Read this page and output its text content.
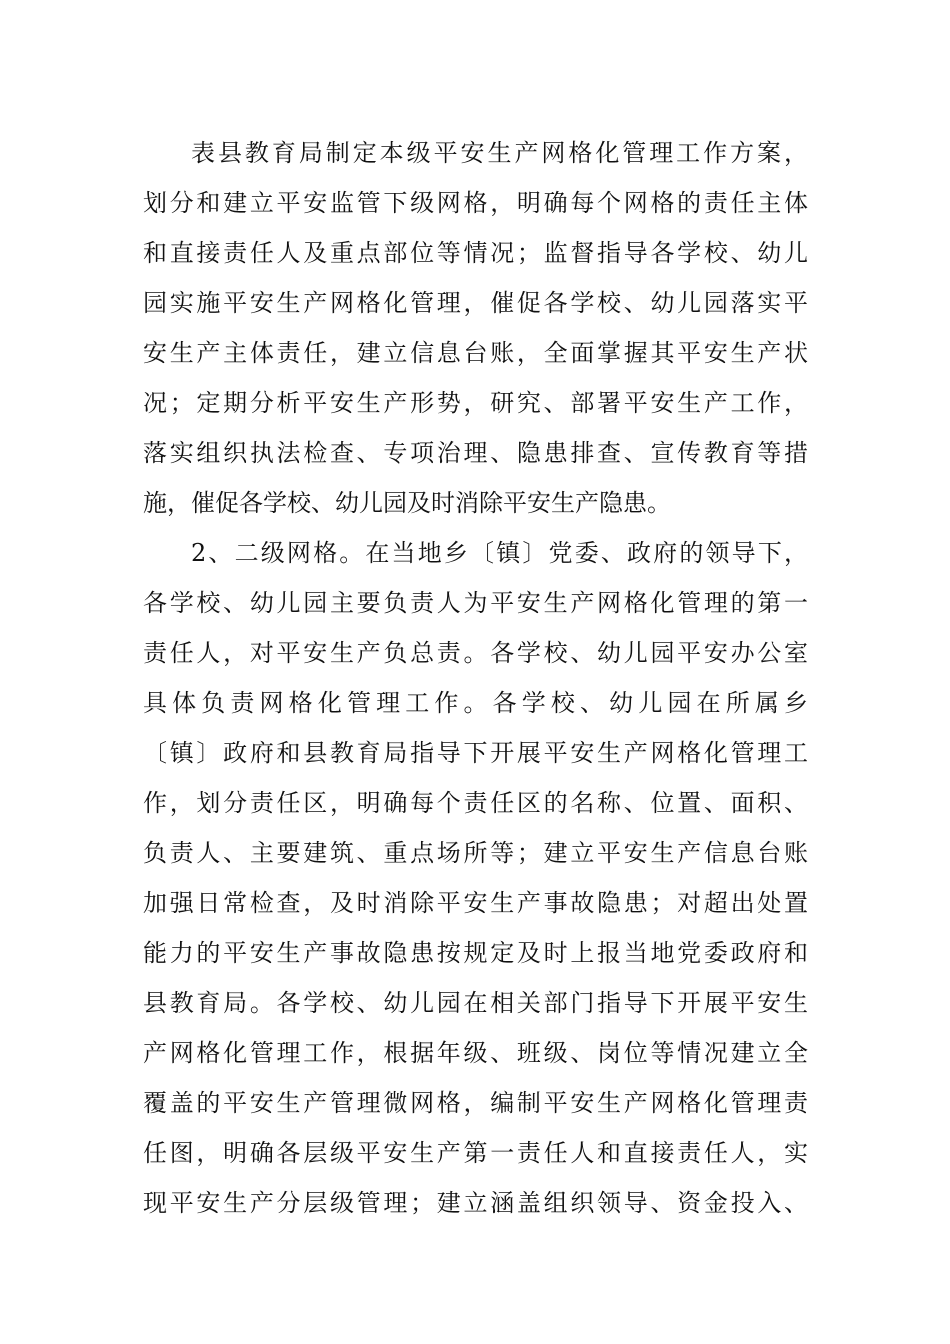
表县教育局制定本级平安生产网格化管理工作方案，
划分和建立平安监管下级网格，明确每个网格的责任主体
和直接责任人及重点部位等情况；监督指导各学校、幼儿
园实施平安生产网格化管理，催促各学校、幼儿园落实平
安生产主体责任，建立信息台账，全面掌握其平安生产状
况；定期分析平安生产形势，研究、部署平安生产工作，
落实组织执法检查、专项治理、隐患排查、宣传教育等措
施，催促各学校、幼儿园及时消除平安生产隐患。
2、二级网格。在当地乡〔镇〕党委、政府的领导下，
各学校、幼儿园主要负责人为平安生产网格化管理的第一
责任人，对平安生产负总责。各学校、幼儿园平安办公室
具体负责网格化管理工作。各学校、幼儿园在所属乡
〔镇〕政府和县教育局指导下开展平安生产网格化管理工
作，划分责任区，明确每个责任区的名称、位置、面积、
负责人、主要建筑、重点场所等；建立平安生产信息台账
加强日常检查，及时消除平安生产事故隐患；对超出处置
能力的平安生产事故隐患按规定及时上报当地党委政府和
县教育局。各学校、幼儿园在相关部门指导下开展平安生
产网格化管理工作，根据年级、班级、岗位等情况建立全
覆盖的平安生产管理微网格，编制平安生产网格化管理责
任图，明确各层级平安生产第一责任人和直接责任人，实
现平安生产分层级管理；建立涵盖组织领导、资金投入、
